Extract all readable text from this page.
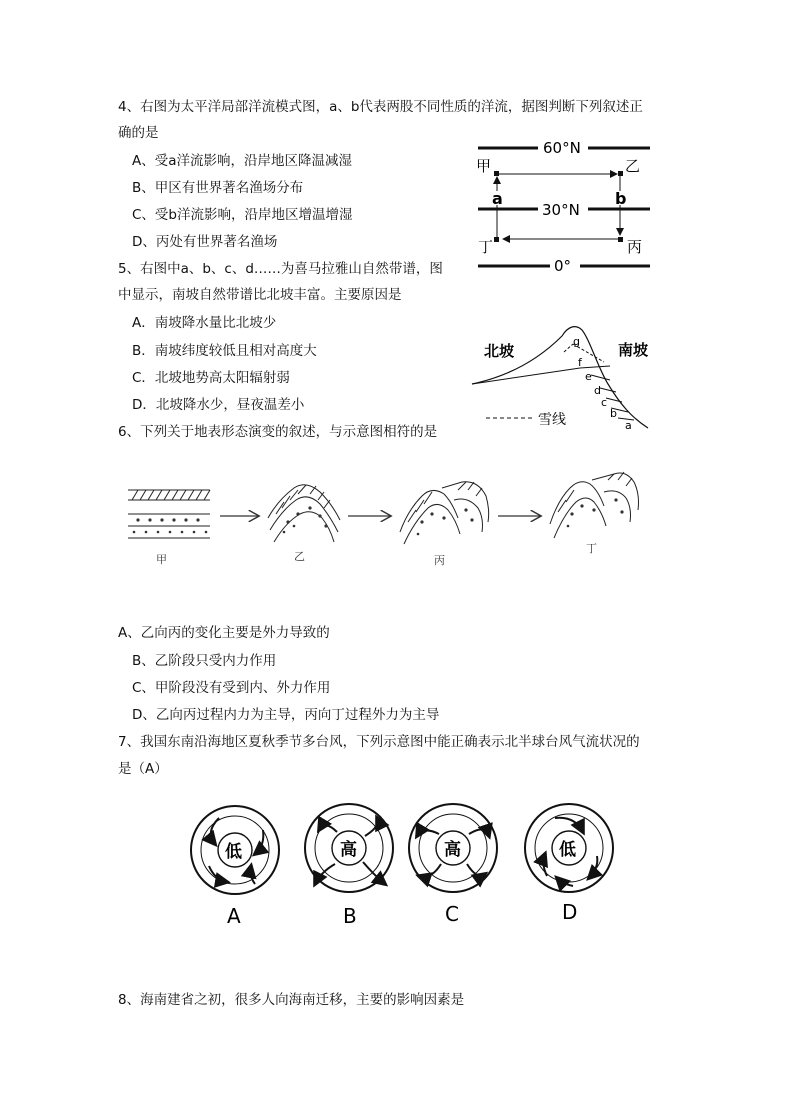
4、右图为太平洋局部洋流模式图，a、b代表两股不同性质的洋流，据图判断下列叙述正
确的是
A、受a洋流影响，沿岸地区降温减湿
B、甲区有世界著名渔场分布
C、受b洋流影响，沿岸地区增温增湿
D、丙处有世界著名渔场
60°N
30°N
0°
甲	乙
丙
丁
a	b
5、右图中a、b、c、d……为喜马拉雅山自然带谱，图
中显示，南坡自然带谱比北坡丰富。主要原因是
A．南坡降水量比北坡少
B．南坡纬度较低且相对高度大
C．北坡地势高太阳辐射弱
D．北坡降水少，昼夜温差小
g
f
e
d
c
b
a
北坡	南坡
雪线
6、下列关于地表形态演变的叙述，与示意图相符的是
甲	乙	丙
丁
A、乙向丙的变化主要是外力导致的
B、乙阶段只受内力作用
C、甲阶段没有受到内、外力作用
D、乙向丙过程内力为主导，丙向丁过程外力为主导
7、我国东南沿海地区夏秋季节多台风，下列示意图中能正确表示北半球台风气流状况的
是（A）
低
A
高
B
高
C
低
D
8、海南建省之初，很多人向海南迁移，主要的影响因素是
